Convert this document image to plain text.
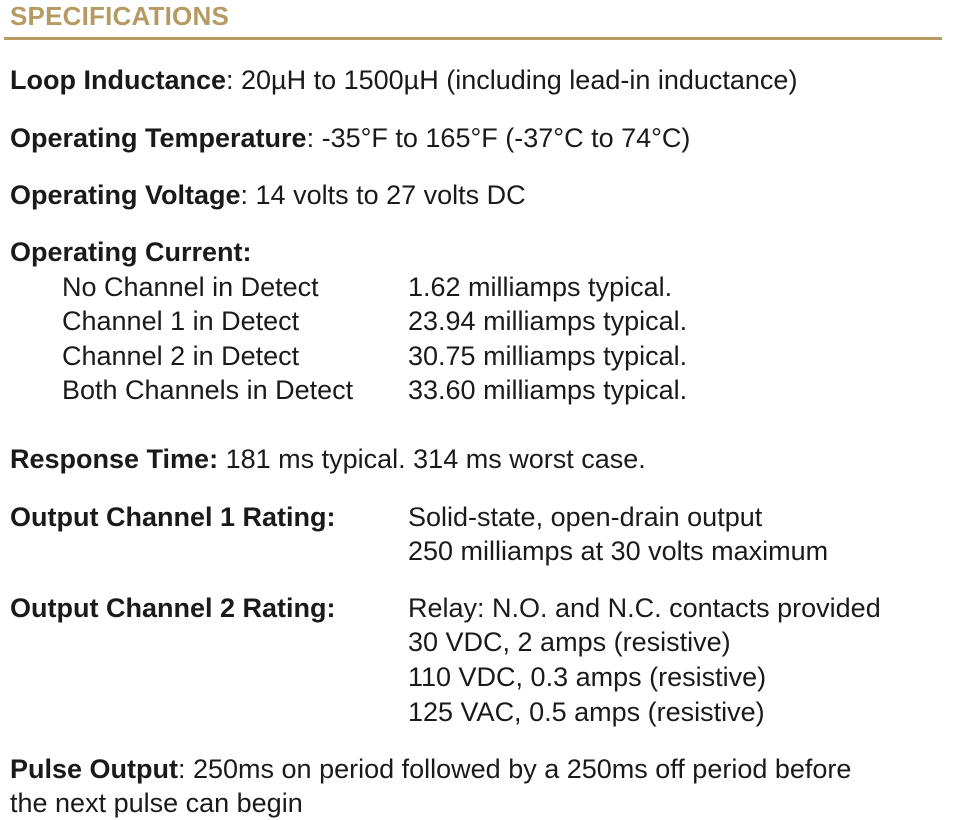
SPECIFICATIONS
Loop Inductance: 20µH to 1500µH (including lead-in inductance)
Operating Temperature: -35°F to 165°F (-37°C to 74°C)
Operating Voltage: 14 volts to 27 volts DC
Operating Current:
No Channel in Detect	1.62 milliamps typical.
Channel 1 in Detect	23.94 milliamps typical.
Channel 2 in Detect	30.75 milliamps typical.
Both Channels in Detect 33.60 milliamps typical.
Response Time: 181 ms typical. 314 ms worst case.
Output Channel 1 Rating:	Solid-state, open-drain output
250 milliamps at 30 volts maximum
Output Channel 2 Rating:	Relay: N.O. and N.C. contacts provided
30 VDC, 2 amps (resistive)
110 VDC, 0.3 amps (resistive)
125 VAC, 0.5 amps (resistive)
Pulse Output: 250ms on period followed by a 250ms off period before
the next pulse can begin
